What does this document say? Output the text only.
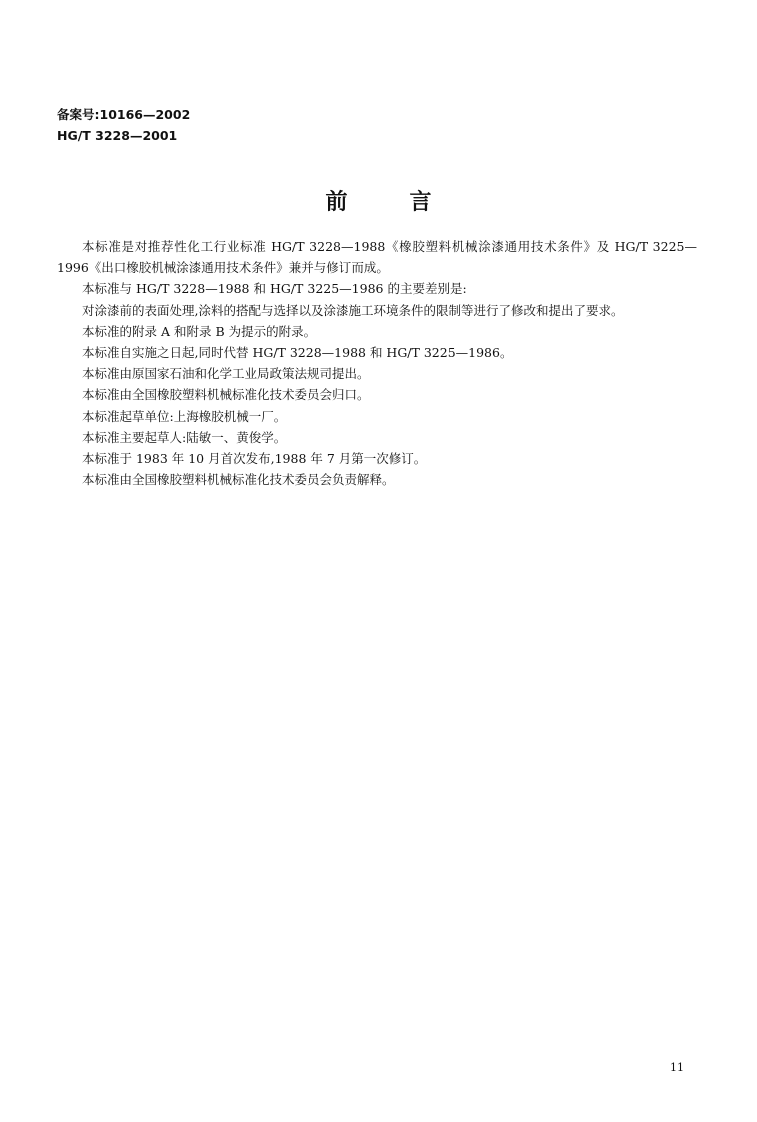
备案号:10166—2002
HG/T 3228—2001
前言

本标准是对推荐性化工行业标准 HG/T 3228—1988《橡胶塑料机械涂漆通用技术条件》及 HG/T 3225—1996《出口橡胶机械涂漆通用技术条件》兼并与修订而成。

本标准与 HG/T 3228—1988 和 HG/T 3225—1986 的主要差别是:

对涂漆前的表面处理,涂料的搭配与选择以及涂漆施工环境条件的限制等进行了修改和提出了要求。

本标准的附录 A 和附录 B 为提示的附录。

本标准自实施之日起,同时代替 HG/T 3228—1988 和 HG/T 3225—1986。

本标准由原国家石油和化学工业局政策法规司提出。

本标准由全国橡胶塑料机械标准化技术委员会归口。

本标准起草单位:上海橡胶机械一厂。

本标准主要起草人:陆敏一、黄俊学。

本标准于 1983 年 10 月首次发布,1988 年 7 月第一次修订。

本标准由全国橡胶塑料机械标准化技术委员会负责解释。

11
